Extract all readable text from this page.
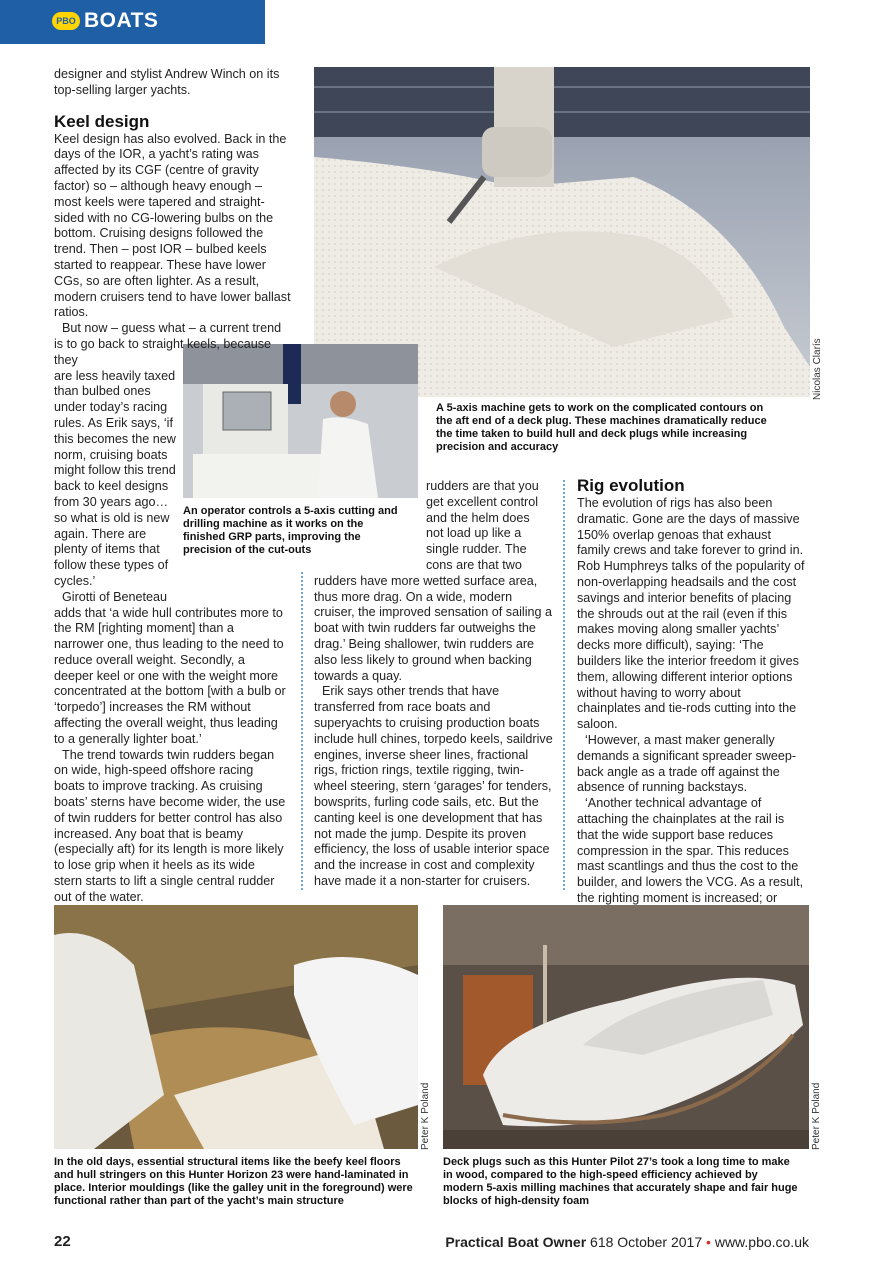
PBO BOATS
Nicolas Clarís
A 5-axis machine gets to work on the complicated contours on the aft end of a deck plug. These machines dramatically reduce the time taken to build hull and deck plugs while increasing precision and accuracy
An operator controls a 5-axis cutting and drilling machine as it works on the finished GRP parts, improving the precision of the cut-outs

designer and stylist Andrew Winch on its top-selling larger yachts.

Keel design

Keel design has also evolved. Back in the days of the IOR, a yacht’s rating was affected by its CGF (centre of gravity factor) so – although heavy enough – most keels were tapered and straight-sided with no CG-lowering bulbs on the bottom. Cruising designs followed the trend. Then – post IOR – bulbed keels started to reappear. These have lower CGs, so are often lighter. As a result, modern cruisers tend to have lower ballast ratios.

But now – guess what – a current trend is to go back to straight keels, because they

are less heavily taxed than bulbed ones under today’s racing rules. As Erik says, ‘if this becomes the new norm, cruising boats might follow this trend back to keel designs from 30 years ago… so what is old is new again. There are plenty of items that follow these types of cycles.’

Girotti of Beneteau

adds that ‘a wide hull contributes more to the RM [righting moment] than a narrower one, thus leading to the need to reduce overall weight. Secondly, a deeper keel or one with the weight more concentrated at the bottom [with a bulb or ‘torpedo’] increases the RM without affecting the overall weight, thus leading to a generally lighter boat.’

The trend towards twin rudders began on wide, high-speed offshore racing boats to improve tracking. As cruising boats’ sterns have become wider, the use of twin rudders for better control has also increased. Any boat that is beamy (especially aft) for its length is more likely to lose grip when it heels as its wide stern starts to lift a single central rudder out of the water.

rudders are that you get excellent control and the helm does not load up like a single rudder. The cons are that two

rudders have more wetted surface area, thus more drag. On a wide, modern cruiser, the improved sensation of sailing a boat with twin rudders far outweighs the drag.’ Being shallower, twin rudders are also less likely to ground when backing towards a quay.

Erik says other trends that have transferred from race boats and superyachts to cruising production boats include hull chines, torpedo keels, saildrive engines, inverse sheer lines, fractional rigs, friction rings, textile rigging, twin-wheel steering, stern ‘garages’ for tenders, bowsprits, furling code sails, etc. But the canting keel is one development that has not made the jump. Despite its proven efficiency, the loss of usable interior space and the increase in cost and complexity have made it a non-starter for cruisers.

Rig evolution

The evolution of rigs has also been dramatic. Gone are the days of massive 150% overlap genoas that exhaust family crews and take forever to grind in. Rob Humphreys talks of the popularity of non-overlapping headsails and the cost savings and interior benefits of placing the shrouds out at the rail (even if this makes moving along smaller yachts’ decks more difficult), saying: ‘The builders like the interior freedom it gives them, allowing different interior options without having to worry about chainplates and tie-rods cutting into the saloon.

‘However, a mast maker generally demands a significant spreader sweep-back angle as a trade off against the absence of running backstays.

‘Another technical advantage of attaching the chainplates at the rail is that the wide support base reduces compression in the spar. This reduces mast scantlings and thus the cost to the builder, and lowers the VCG. As a result, the righting moment is increased; or

Peter K Poland
In the old days, essential structural items like the beefy keel floors and hull stringers on this Hunter Horizon 23 were hand-laminated in place. Interior mouldings (like the galley unit in the foreground) were functional rather than part of the yacht’s main structure
Peter K Poland
Deck plugs such as this Hunter Pilot 27’s took a long time to make in wood, compared to the high-speed efficiency achieved by modern 5-axis milling machines that accurately shape and fair huge blocks of high-density foam
22	Practical Boat Owner 618 October 2017 • www.pbo.co.uk
